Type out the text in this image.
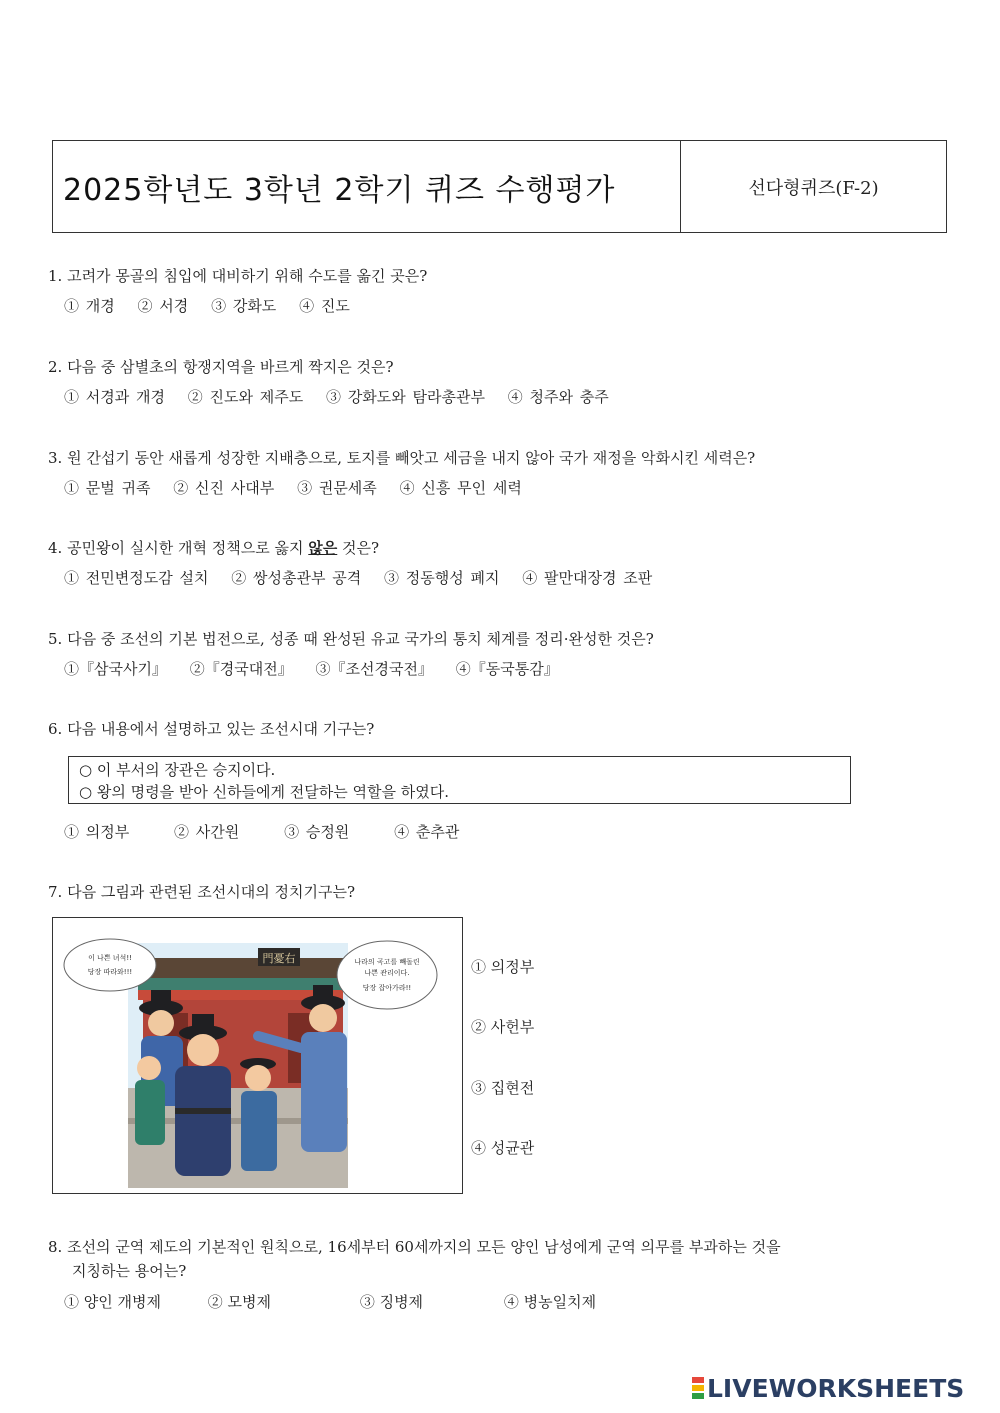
2025학년도 3학년 2학기 퀴즈 수행평가	선다형퀴즈(F-2)
1. 고려가 몽골의 침입에 대비하기 위해 수도를 옮긴 곳은?
① 개경 ② 서경 ③ 강화도 ④ 진도
2. 다음 중 삼별초의 항쟁지역을 바르게 짝지은 것은?
① 서경과 개경 ② 진도와 제주도 ③ 강화도와 탐라총관부 ④ 청주와 충주
3. 원 간섭기 동안 새롭게 성장한 지배층으로, 토지를 빼앗고 세금을 내지 않아 국가 재정을 악화시킨 세력은?
① 문벌 귀족 ② 신진 사대부 ③ 권문세족 ④ 신흥 무인 세력
4. 공민왕이 실시한 개혁 정책으로 옳지 않은 것은?
① 전민변정도감 설치 ② 쌍성총관부 공격 ③ 정동행성 폐지 ④ 팔만대장경 조판
5. 다음 중 조선의 기본 법전으로, 성종 때 완성된 유교 국가의 통치 체계를 정리·완성한 것은?
①『삼국사기』 ②『경국대전』 ③『조선경국전』 ④『동국통감』
6. 다음 내용에서 설명하고 있는 조선시대 기구는?
○ 이 부서의 장관은 승지이다.
○ 왕의 명령을 받아 신하들에게 전달하는 역할을 하였다.
① 의정부	② 사간원	③ 승정원	④ 춘추관
7. 다음 그림과 관련된 조선시대의 정치기구는?
門憂右
이 나쁜 녀석!!
당장 따라와!!!
나라의 곡고를 빼돌린
나쁜 관리이다.
당장 잡아가라!!
① 의정부
② 사헌부
③ 집현전
④ 성균관
8. 조선의 군역 제도의 기본적인 원칙으로, 16세부터 60세까지의 모든 양인 남성에게 군역 의무를 부과하는 것을
지칭하는 용어는?
① 양인 개병제	② 모병제	③ 징병제	④ 병농일치제
LIVEWORKSHEETS
